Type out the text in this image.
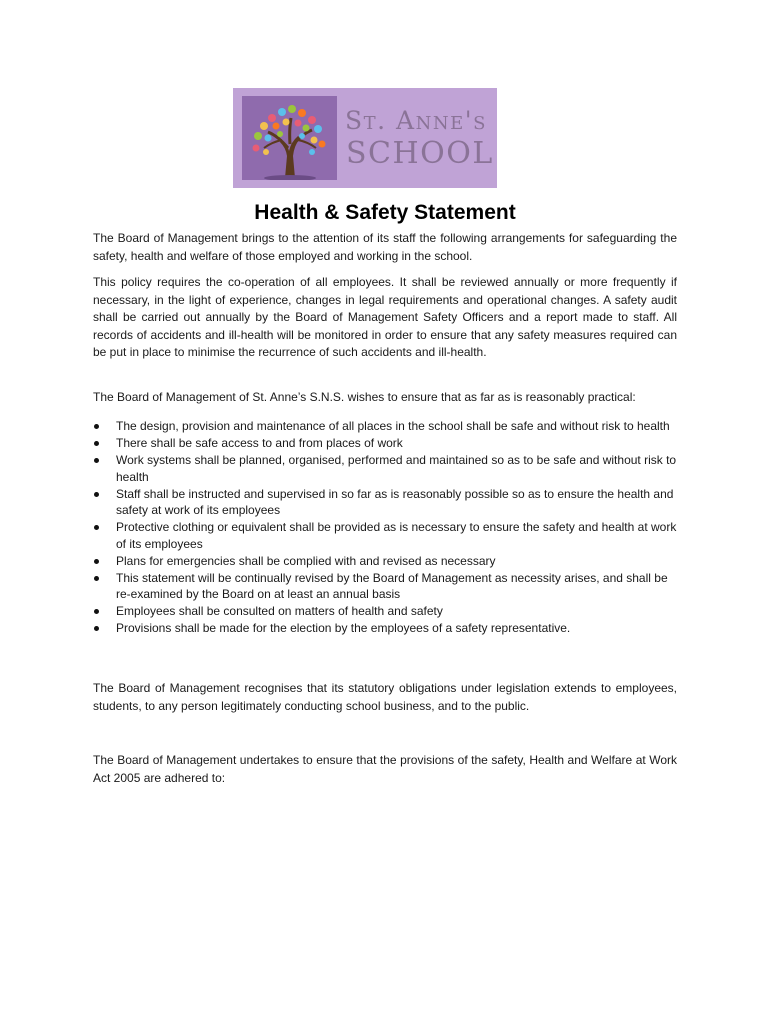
St. Anne's
SCHOOL
Health & Safety Statement

The Board of Management brings to the attention of its staff the following arrangements for safeguarding the safety, health and welfare of those employed and working in the school.

This policy requires the co-operation of all employees. It shall be reviewed annually or more frequently if necessary, in the light of experience, changes in legal requirements and operational changes. A safety audit shall be carried out annually by the Board of Management Safety Officers and a report made to staff. All records of accidents and ill-health will be monitored in order to ensure that any safety measures required can be put in place to minimise the recurrence of such accidents and ill-health.

The Board of Management of St. Anne’s S.N.S. wishes to ensure that as far as is reasonably practical:

The design, provision and maintenance of all places in the school shall be safe and without risk to health
There shall be safe access to and from places of work
Work systems shall be planned, organised, performed and maintained so as to be safe and without risk to health
Staff shall be instructed and supervised in so far as is reasonably possible so as to ensure the health and safety at work of its employees
Protective clothing or equivalent shall be provided as is necessary to ensure the safety and health at work of its employees
Plans for emergencies shall be complied with and revised as necessary
This statement will be continually revised by the Board of Management as necessity arises, and shall be re-examined by the Board on at least an annual basis
Employees shall be consulted on matters of health and safety
Provisions shall be made for the election by the employees of a safety representative.

The Board of Management recognises that its statutory obligations under legislation extends to employees, students, to any person legitimately conducting school business, and to the public.

The Board of Management undertakes to ensure that the provisions of the safety, Health and Welfare at Work Act 2005 are adhered to:
